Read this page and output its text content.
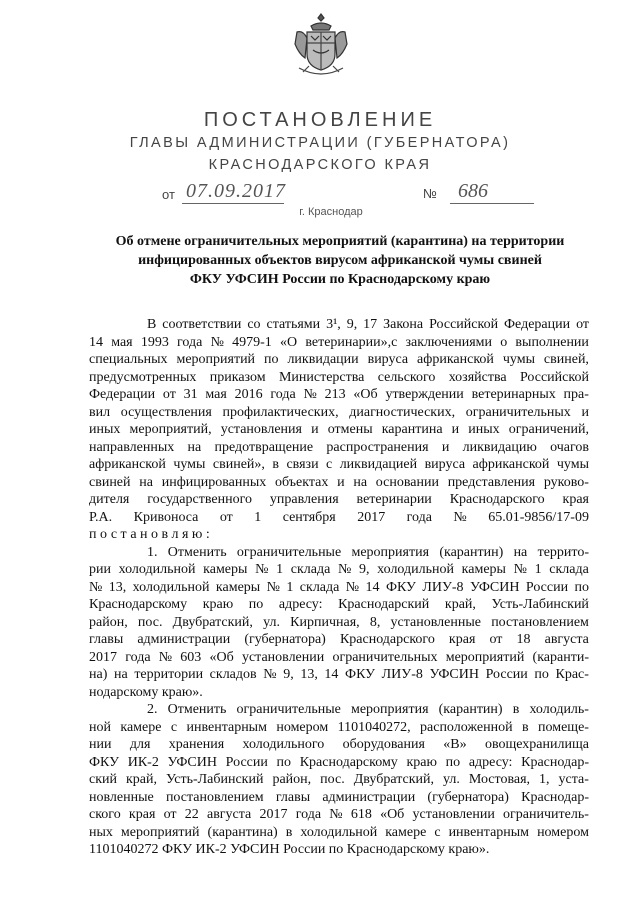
ПОСТАНОВЛЕНИЕ
ГЛАВЫ АДМИНИСТРАЦИИ (ГУБЕРНАТОРА)
КРАСНОДАРСКОГО КРАЯ
от 07.09.2017	№	686
г. Краснодар
Об отмене ограничительных мероприятий (карантина) на территории
инфицированных объектов вирусом африканской чумы свиней
ФКУ УФСИН России по Краснодарскому краю
В соответствии со статьями 3¹, 9, 17 Закона Российской Федерации от
14 мая 1993 года № 4979-1 «О ветеринарии»,с заключениями о выполнении
специальных мероприятий по ликвидации вируса африканской чумы свиней,
предусмотренных приказом Министерства сельского хозяйства Российской
Федерации от 31 мая 2016 года № 213 «Об утверждении ветеринарных пра-
вил осуществления профилактических, диагностических, ограничительных и
иных мероприятий, установления и отмены карантина и иных ограничений,
направленных на предотвращение распространения и ликвидацию очагов
африканской чумы свиней», в связи с ликвидацией вируса африканской чумы
свиней на инфицированных объектах и на основании представления руково-
дителя государственного управления ветеринарии Краснодарского края
Р.А. Кривоноса от 1 сентября 2017 года № 65.01-9856/17-09
постановляю:
1. Отменить ограничительные мероприятия (карантин) на террито-
рии холодильной камеры № 1 склада № 9, холодильной камеры № 1 склада
№ 13, холодильной камеры № 1 склада № 14 ФКУ ЛИУ-8 УФСИН России по
Краснодарскому краю по адресу: Краснодарский край, Усть-Лабинский
район, пос. Двубратский, ул. Кирпичная, 8, установленные постановлением
главы администрации (губернатора) Краснодарского края от 18 августа
2017 года № 603 «Об установлении ограничительных мероприятий (каранти-
на) на территории складов № 9, 13, 14 ФКУ ЛИУ-8 УФСИН России по Крас-
нодарскому краю».
2. Отменить ограничительные мероприятия (карантин) в холодиль-
ной камере с инвентарным номером 1101040272, расположенной в помеще-
нии для хранения холодильного оборудования «В» овощехранилища
ФКУ ИК-2 УФСИН России по Краснодарскому краю по адресу: Краснодар-
ский край, Усть-Лабинский район, пос. Двубратский, ул. Мостовая, 1, уста-
новленные постановлением главы администрации (губернатора) Краснодар-
ского края от 22 августа 2017 года № 618 «Об установлении ограничитель-
ных мероприятий (карантина) в холодильной камере с инвентарным номером
1101040272 ФКУ ИК-2 УФСИН России по Краснодарскому краю».
